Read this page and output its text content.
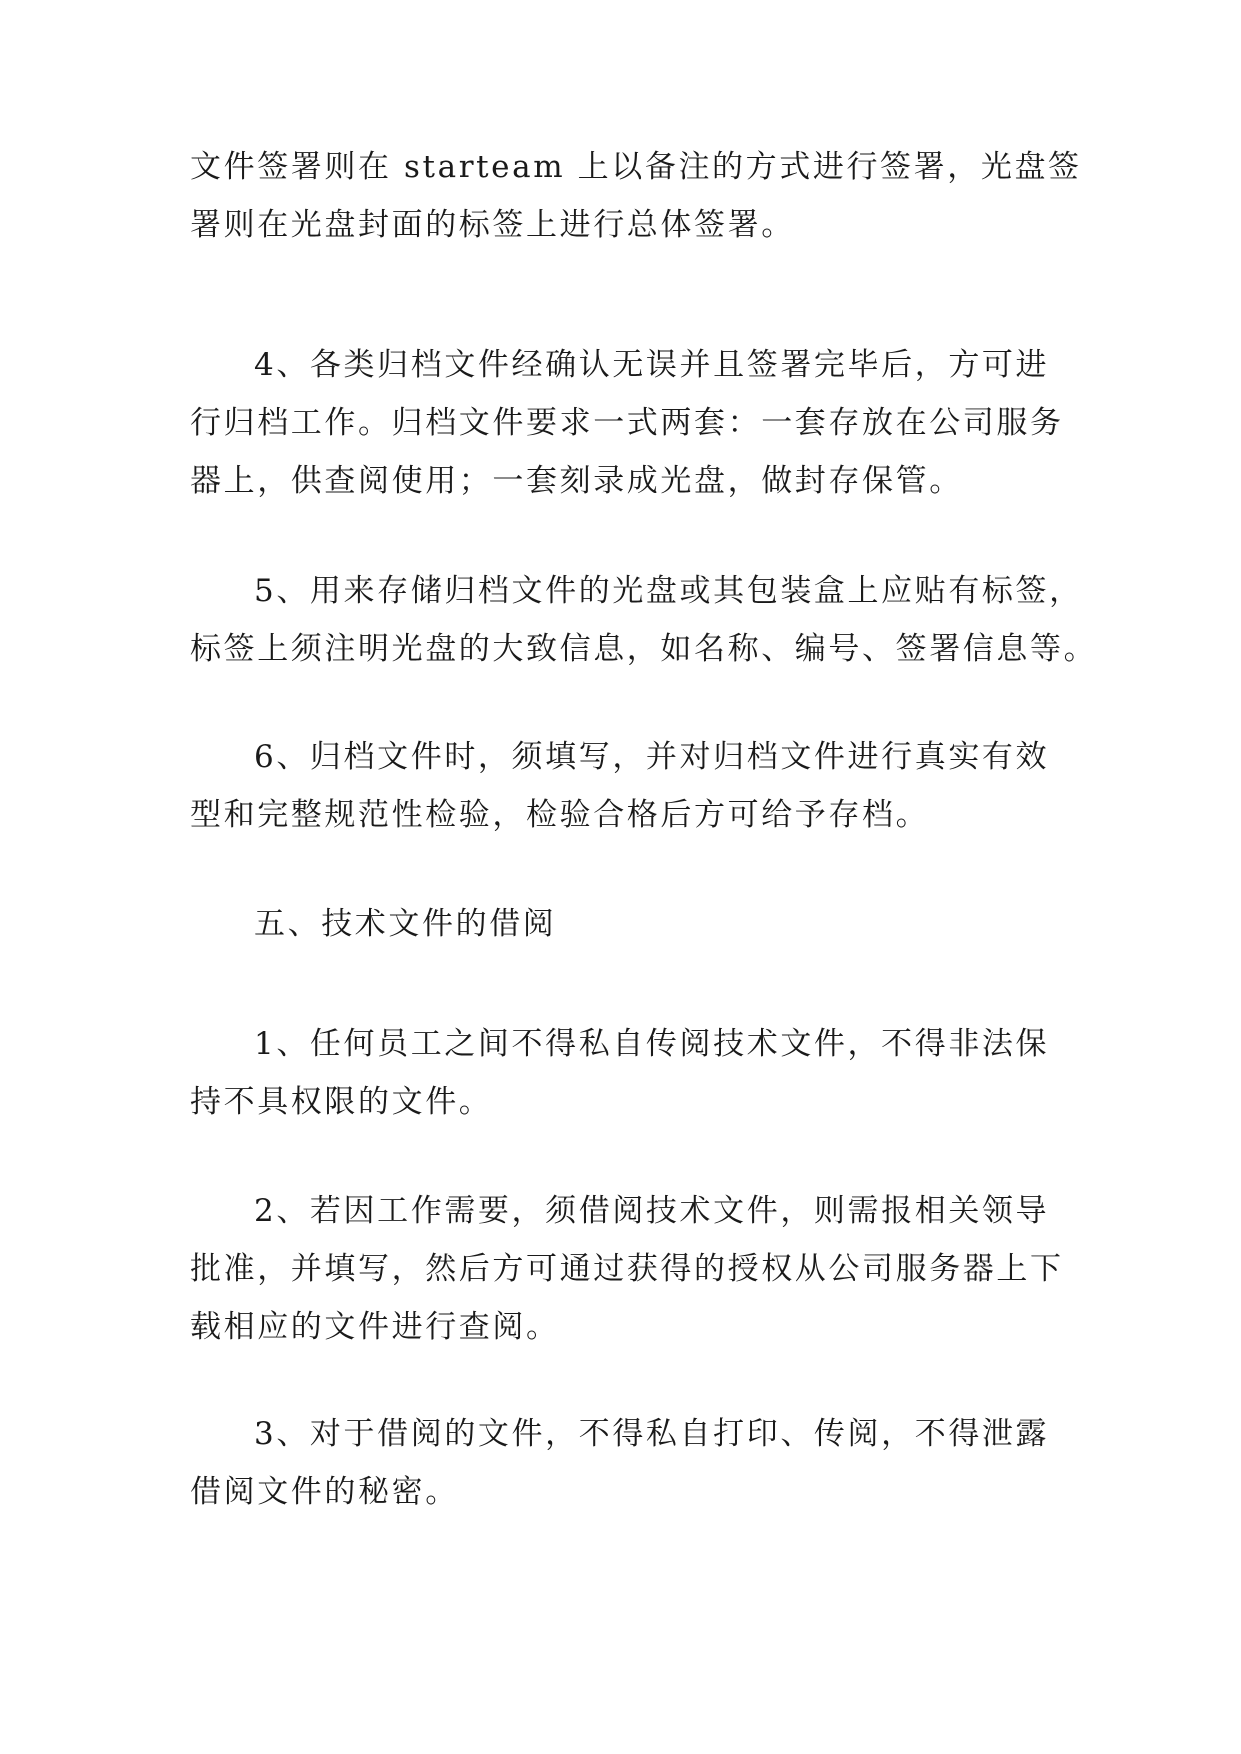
文件签署则在 starteam 上以备注的方式进行签署，光盘签
署则在光盘封面的标签上进行总体签署。

4、各类归档文件经确认无误并且签署完毕后，方可进
行归档工作。归档文件要求一式两套：一套存放在公司服务
器上，供查阅使用；一套刻录成光盘，做封存保管。

5、用来存储归档文件的光盘或其包装盒上应贴有标签，
标签上须注明光盘的大致信息，如名称、编号、签署信息等。

6、归档文件时，须填写，并对归档文件进行真实有效
型和完整规范性检验，检验合格后方可给予存档。

五、技术文件的借阅

1、任何员工之间不得私自传阅技术文件，不得非法保
持不具权限的文件。

2、若因工作需要，须借阅技术文件，则需报相关领导
批准，并填写，然后方可通过获得的授权从公司服务器上下
载相应的文件进行查阅。

3、对于借阅的文件，不得私自打印、传阅，不得泄露
借阅文件的秘密。
